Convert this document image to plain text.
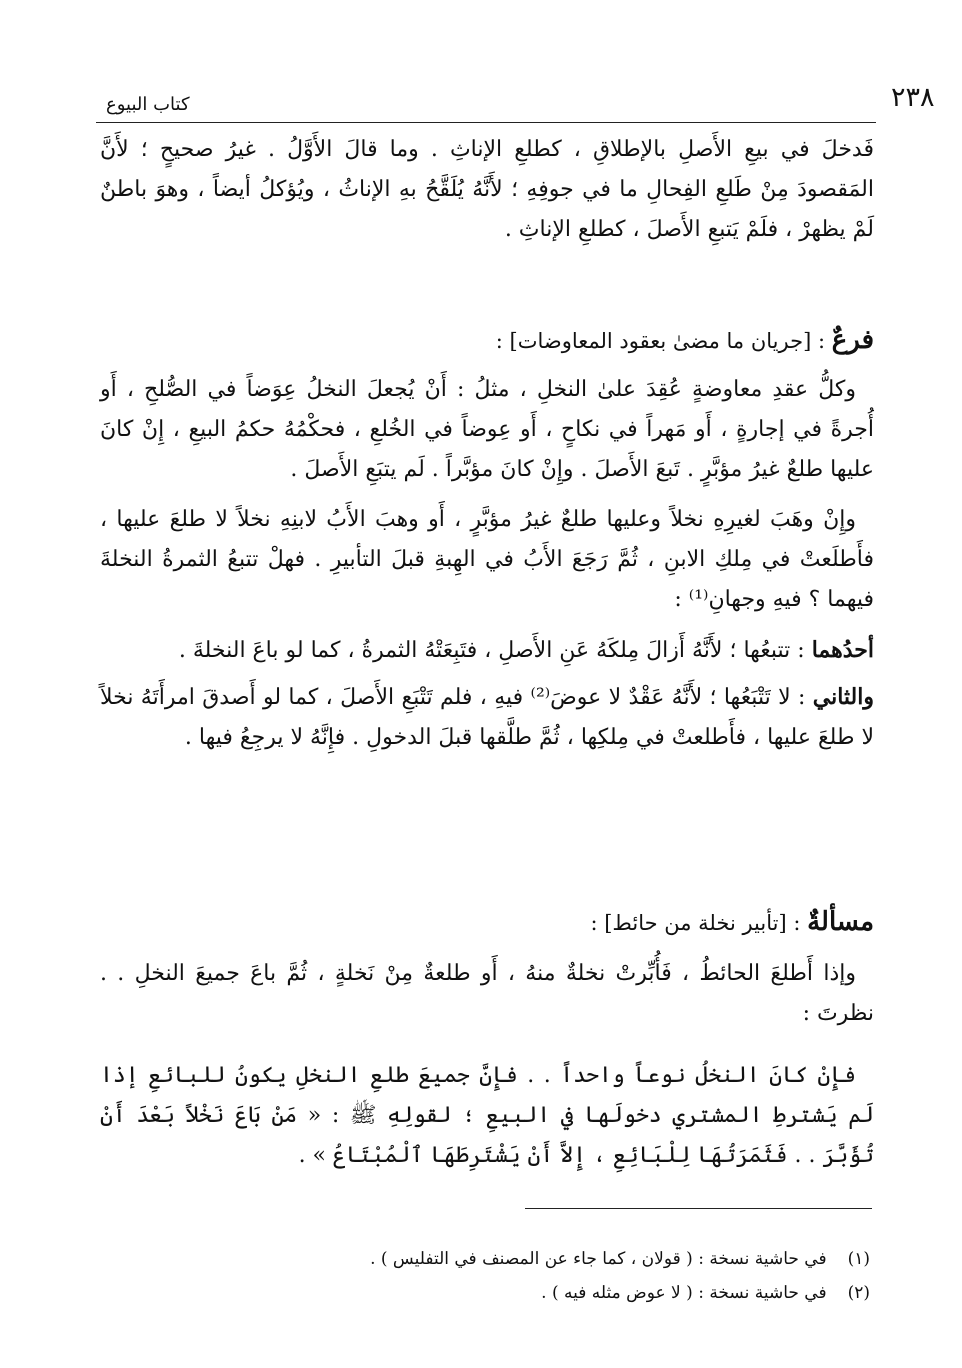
٢٣٨
كتاب البيوع

فَدخلَ في بيعِ الأَصلِ بالإطلاقِ ، كطلعِ الإناثِ . وما قالَ الأَوَّلُ . غيرُ صحيحٍ ؛ لأَنَّ المَقصودَ مِنْ طَلعِ الفِحالِ ما في جوفِهِ ؛ لأَنَّهُ يُلَقَّحُ بهِ الإناثُ ، ويُؤكلُ أيضاً ، وهوَ باطنٌ لَمْ يظهرْ ، فلَمْ يَتبعِ الأَصلَ ، كطلعِ الإناثِ .

فرعٌ : [جريان ما مضىٰ بعقود المعاوضات] :

وكلُّ عقدِ معاوضةٍ عُقِدَ علىٰ النخلِ ، مثلُ : أَنْ يُجعلَ النخلُ عِوَضاً في الصُّلحِ ، أَو أُجرةً في إجارةٍ ، أَو مَهراً في نكاحٍ ، أَو عِوضاً في الخُلعِ ، فحكْمُهُ حكمُ البيعِ ، إِنْ كانَ عليها طلعٌ غيرُ مؤبَّرٍ . تَبعَ الأَصلَ . وإِنْ كانَ مؤبَّراً . لَم يتبَعِ الأَصلَ .

وإِنْ وهَبَ لغيرِهِ نخلاً وعليها طلعٌ غيرُ مؤبَّرٍ ، أَو وهبَ الأَبُ لابنِهِ نخلاً لا طلعَ عليها ، فأَطلَعتْ في مِلكِ الابنِ ، ثُمَّ رَجَعَ الأَبُ في الهِبةِ قبلَ التأبيرِ . فهلْ تتبعُ الثمرةُ النخلةَ فيهما ؟ فيهِ وجهانِ⁽¹⁾ :

أحدُهما : تتبعُها ؛ لأَنَّهُ أَزالَ مِلكَهُ عَنِ الأَصلِ ، فتَبِعَتْهُ الثمرةُ ، كما لو باعَ النخلةَ .

والثاني : لا تَتْبَعُها ؛ لأَنَّهُ عَقْدٌ لا عوضَ⁽²⁾ فيهِ ، فلم تَتْبَعِ الأَصلَ ، كما لو أَصدقَ امرأَتَهُ نخلاً لا طلعَ عليها ، فأَطلعتْ في مِلكِها ، ثُمَّ طلَّقها قبلَ الدخولِ . فإِنَّهُ لا يرجِعُ فيها .

مسألةٌ : [تأبير نخلة من حائط] :

وإذا أَطلعَ الحائطُ ، فَأُبِّرتْ نخلةٌ منهُ ، أَو طلعةٌ مِنْ نَخلةٍ ، ثُمَّ باعَ جميعَ النخلِ . . نظرتَ :

فإِنْ كانَ النخلُ نوعاً واحداً . . فإِنَّ جميعَ طلعِ النخلِ يكونُ للبائعِ إذا لَم يَشترطِ المشتري دخولَها في البيعِ ؛ لقولِهِ ﷺ : « مَنْ بَاعَ نَخْلاً بَعْدَ أَنْ تُؤَبَّرَ . . فَثَمَرَتُهَا لِلْبَائِعِ ، إِلاَّ أَنْ يَشْتَرِطَهَا ٱلْمُبْتَاعُ » .

(١) في حاشية نسخة : ( قولان ، كما جاء عن المصنف في التفليس ) .
(٢) في حاشية نسخة : ( لا عوض مثله فيه ) .
